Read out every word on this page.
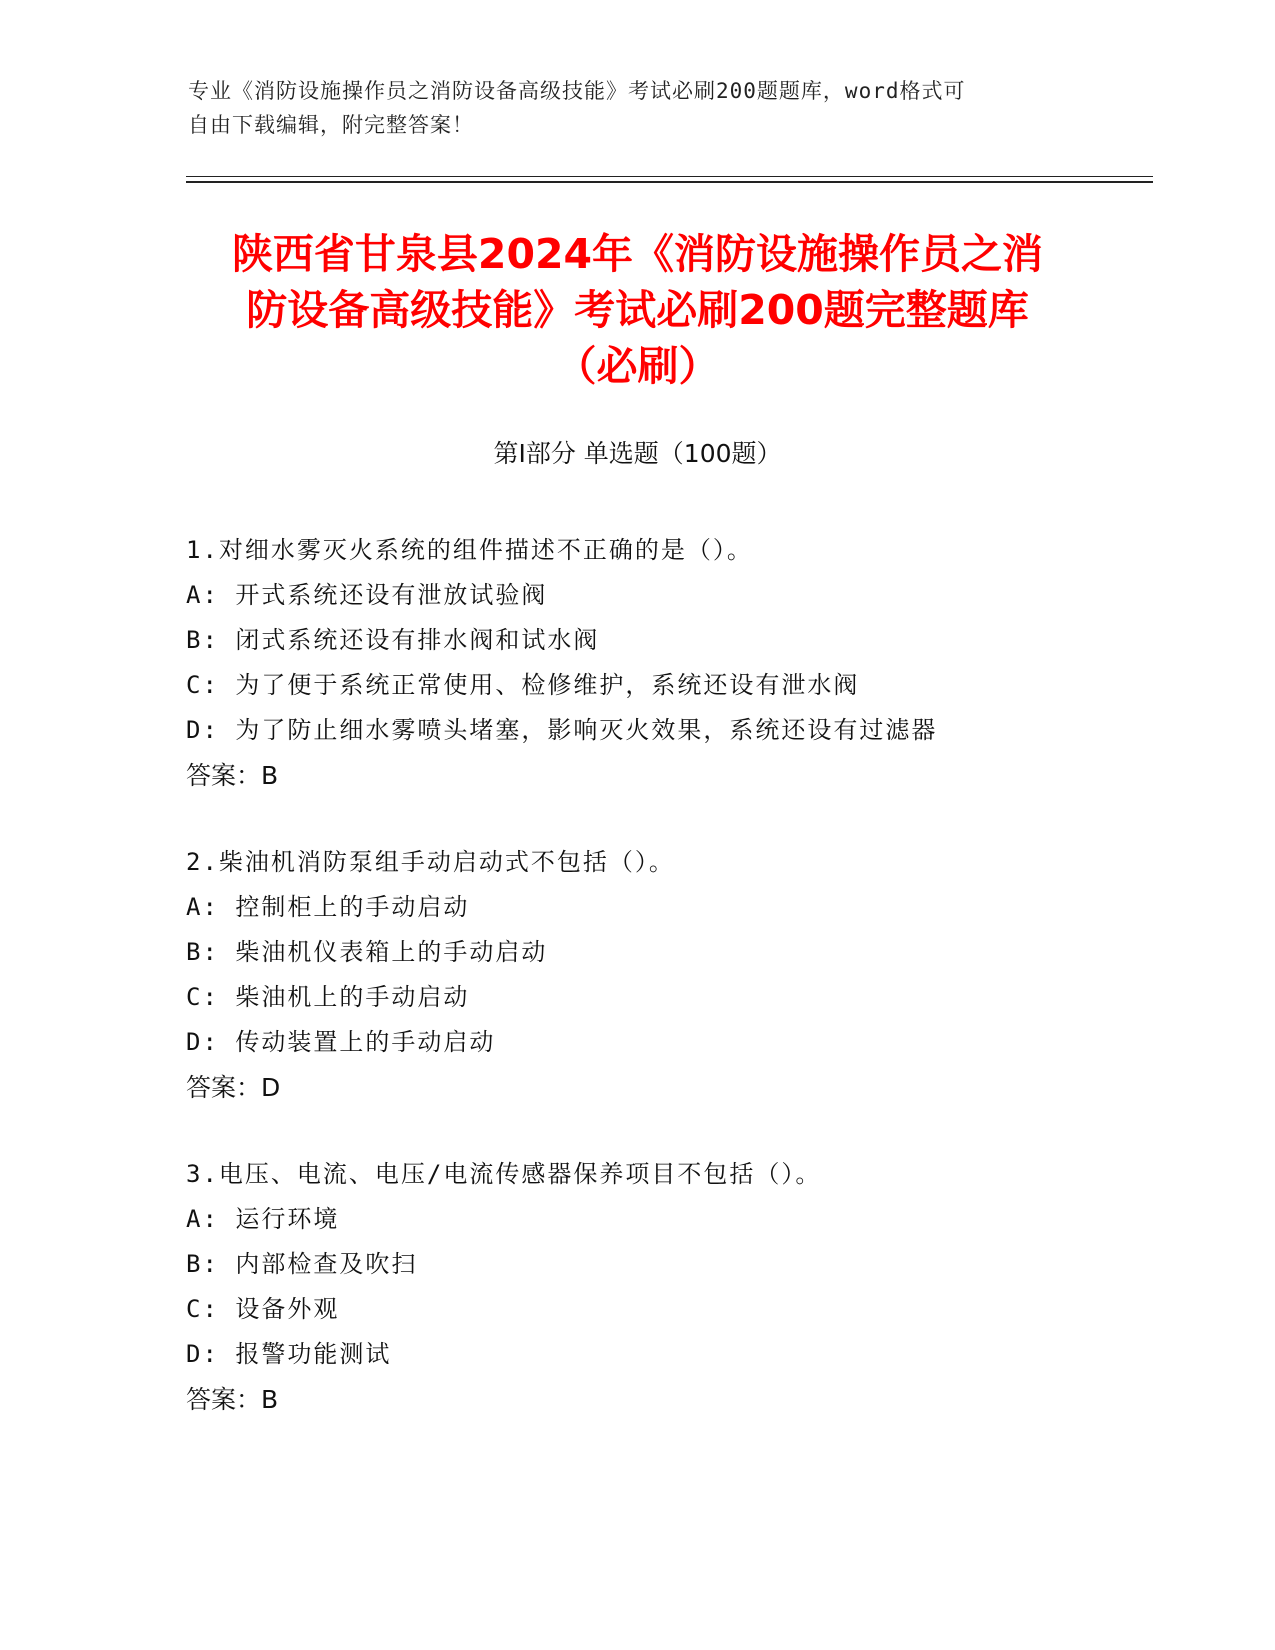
专业《消防设施操作员之消防设备高级技能》考试必刷200题题库，word格式可
自由下载编辑，附完整答案！
陕西省甘泉县2024年《消防设施操作员之消
防设备高级技能》考试必刷200题完整题库
（必刷）
第Ⅰ部分 单选题（100题）
1.对细水雾灭火系统的组件描述不正确的是（）。
A: 开式系统还设有泄放试验阀
B: 闭式系统还设有排水阀和试水阀
C: 为了便于系统正常使用、检修维护，系统还设有泄水阀
D: 为了防止细水雾喷头堵塞，影响灭火效果，系统还设有过滤器
答案：B
2.柴油机消防泵组手动启动式不包括（）。
A: 控制柜上的手动启动
B: 柴油机仪表箱上的手动启动
C: 柴油机上的手动启动
D: 传动装置上的手动启动
答案：D
3.电压、电流、电压/电流传感器保养项目不包括（）。
A: 运行环境
B: 内部检查及吹扫
C: 设备外观
D: 报警功能测试
答案：B
